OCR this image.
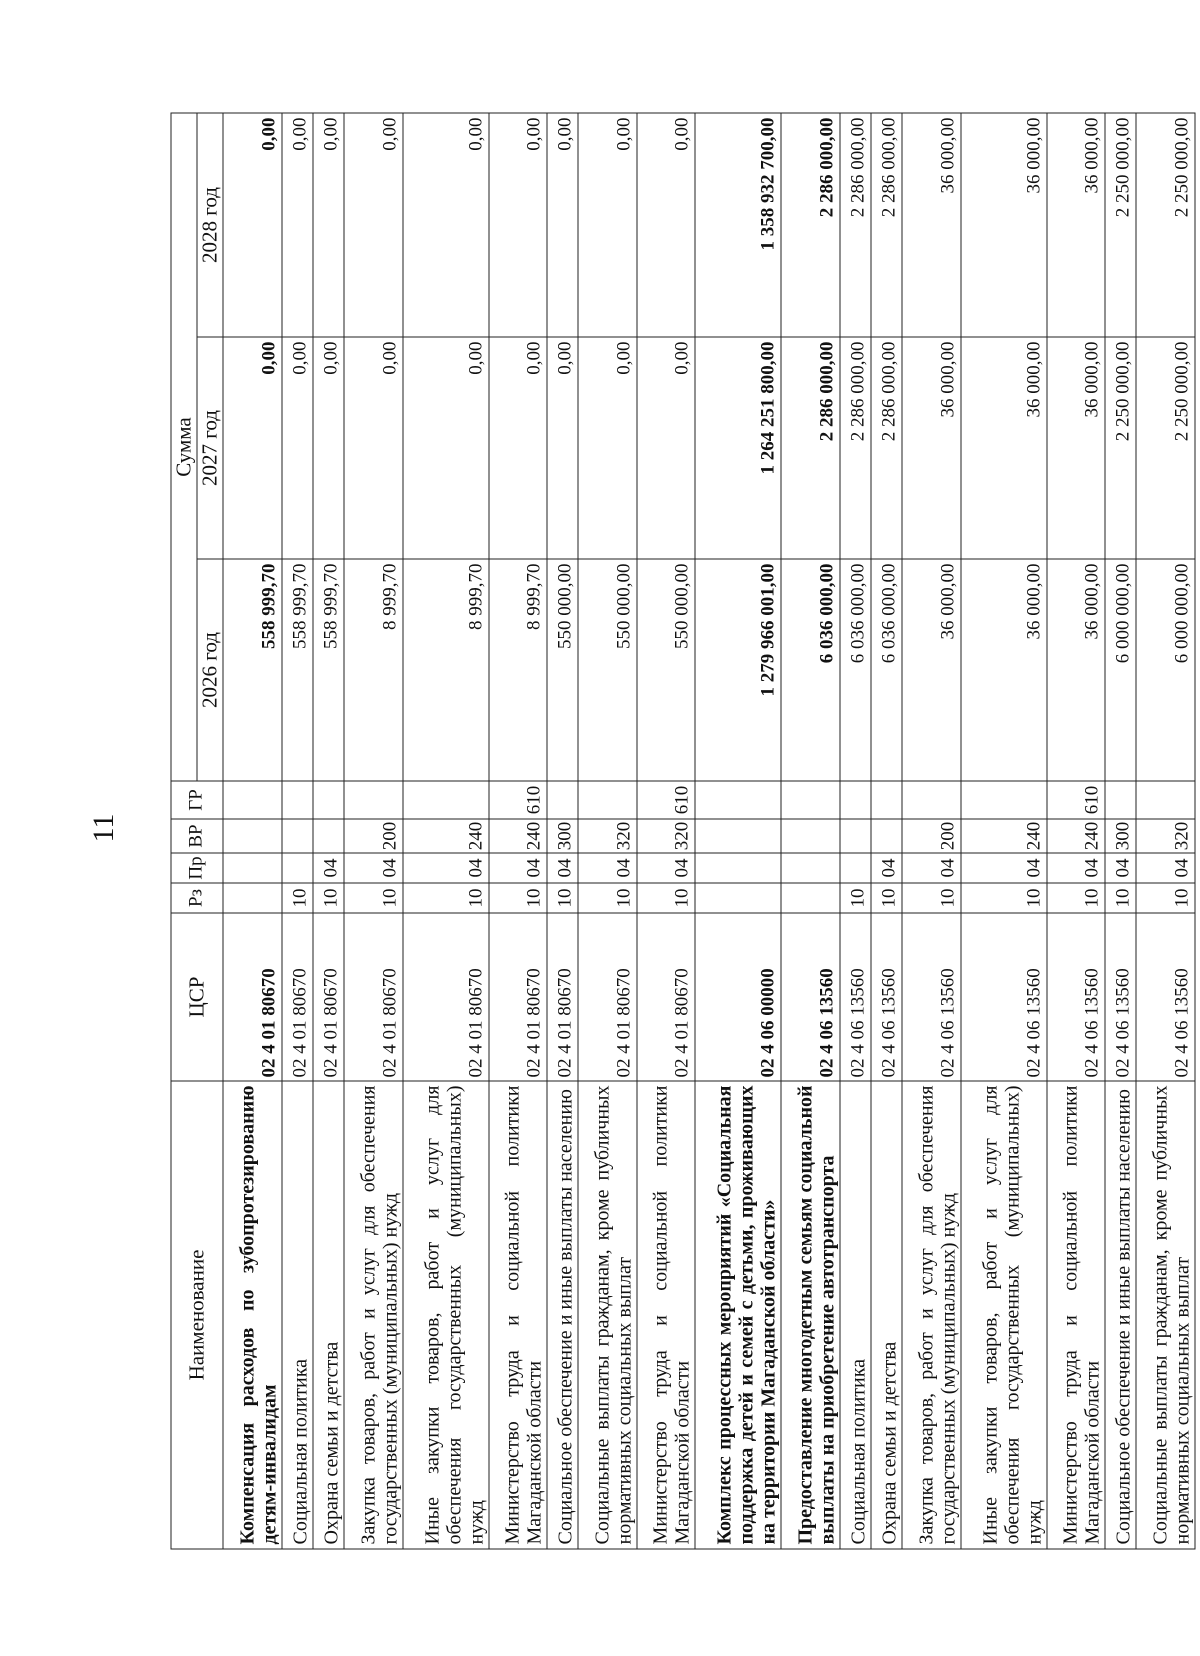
11
Наименование	ЦСР	Рз	Пр	ВР	ГР	Сумма		
						2026 год	2027 год	2028 год
Компенсация расходов по зубопротезированию детям-инвалидам	02 4 01 80670					558 999,70	0,00	0,00
Социальная политика	02 4 01 80670	10				558 999,70	0,00	0,00
Охрана семьи и детства	02 4 01 80670	10	04			558 999,70	0,00	0,00
Закупка товаров, работ и услуг для обеспечения государственных (муниципальных) нужд	02 4 01 80670	10	04	200		8 999,70	0,00	0,00
Иные закупки товаров, работ и услуг для обеспечения государственных (муниципальных) нужд	02 4 01 80670	10	04	240		8 999,70	0,00	0,00
Министерство труда и социальной политики Магаданской области	02 4 01 80670	10	04	240	610	8 999,70	0,00	0,00
Социальное обеспечение и иные выплаты населению	02 4 01 80670	10	04	300		550 000,00	0,00	0,00
Социальные выплаты гражданам, кроме публичных нормативных социальных выплат	02 4 01 80670	10	04	320		550 000,00	0,00	0,00
Министерство труда и социальной политики Магаданской области	02 4 01 80670	10	04	320	610	550 000,00	0,00	0,00
Комплекс процессных мероприятий «Социальная поддержка детей и семей с детьми, проживающих на территории Магаданской области»	02 4 06 00000					1 279 966 001,00	1 264 251 800,00	1 358 932 700,00
Предоставление многодетным семьям социальной выплаты на приобретение автотранспорта	02 4 06 13560					6 036 000,00	2 286 000,00	2 286 000,00
Социальная политика	02 4 06 13560	10				6 036 000,00	2 286 000,00	2 286 000,00
Охрана семьи и детства	02 4 06 13560	10	04			6 036 000,00	2 286 000,00	2 286 000,00
Закупка товаров, работ и услуг для обеспечения государственных (муниципальных) нужд	02 4 06 13560	10	04	200		36 000,00	36 000,00	36 000,00
Иные закупки товаров, работ и услуг для обеспечения государственных (муниципальных) нужд	02 4 06 13560	10	04	240		36 000,00	36 000,00	36 000,00
Министерство труда и социальной политики Магаданской области	02 4 06 13560	10	04	240	610	36 000,00	36 000,00	36 000,00
Социальное обеспечение и иные выплаты населению	02 4 06 13560	10	04	300		6 000 000,00	2 250 000,00	2 250 000,00
Социальные выплаты гражданам, кроме публичных нормативных социальных выплат	02 4 06 13560	10	04	320		6 000 000,00	2 250 000,00	2 250 000,00
